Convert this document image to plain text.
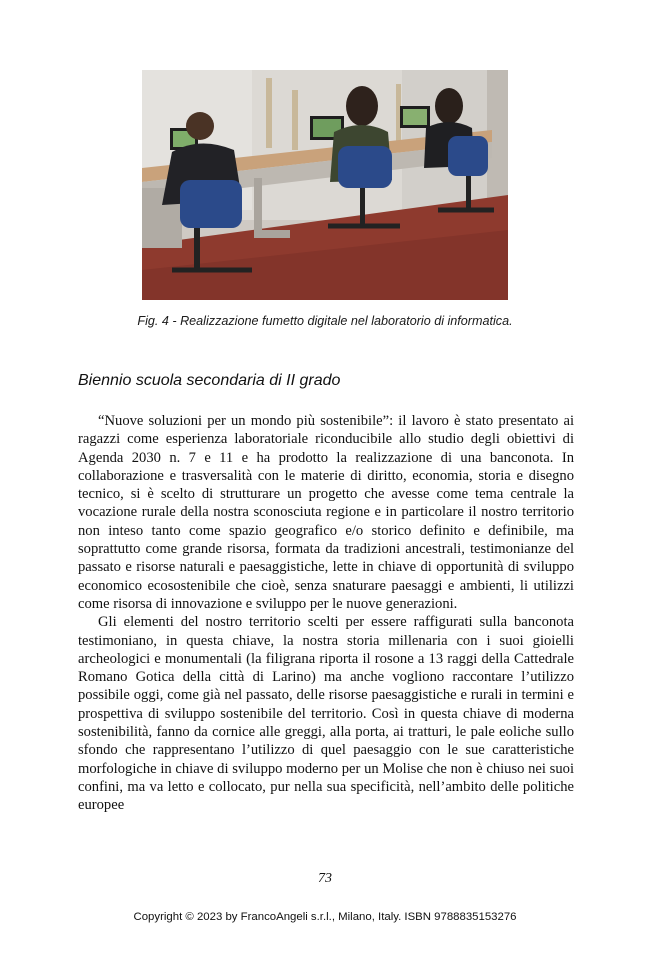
Fig. 4 - Realizzazione fumetto digitale nel laboratorio di informatica.
Biennio scuola secondaria di II grado

“Nuove soluzioni per un mondo più sostenibile”: il lavoro è stato presentato ai ragazzi come esperienza laboratoriale riconducibile allo studio degli obiettivi di Agenda 2030 n. 7 e 11 e ha prodotto la realizzazione di una banconota. In collaborazione e trasversalità con le materie di diritto, economia, storia e disegno tecnico, si è scelto di strutturare un progetto che avesse come tema centrale la vocazione rurale della nostra sconosciuta regione e in particolare il nostro territorio non inteso tanto come spazio geografico e/o storico definito e definibile, ma soprattutto come grande risorsa, formata da tradizioni ancestrali, testimonianze del passato e risorse naturali e paesaggistiche, lette in chiave di opportunità di sviluppo economico ecosostenibile che cioè, senza snaturare paesaggi e ambienti, li utilizzi come risorsa di innovazione e sviluppo per le nuove generazioni.

Gli elementi del nostro territorio scelti per essere raffigurati sulla banconota testimoniano, in questa chiave, la nostra storia millenaria con i suoi gioielli archeologici e monumentali (la filigrana riporta il rosone a 13 raggi della Cattedrale Romano Gotica della città di Larino) ma anche vogliono raccontare l’utilizzo possibile oggi, come già nel passato, delle risorse paesaggistiche e rurali in termini e prospettiva di sviluppo sostenibile del territorio. Così in questa chiave di moderna sostenibilità, fanno da cornice alle greggi, alla porta, ai tratturi, le pale eoliche sullo sfondo che rappresentano l’utilizzo di quel paesaggio con le sue caratteristiche morfologiche in chiave di sviluppo moderno per un Molise che non è chiuso nei suoi confini, ma va letto e collocato, pur nella sua specificità, nell’ambito delle politiche europee

73
Copyright © 2023 by FrancoAngeli s.r.l., Milano, Italy. ISBN 9788835153276
